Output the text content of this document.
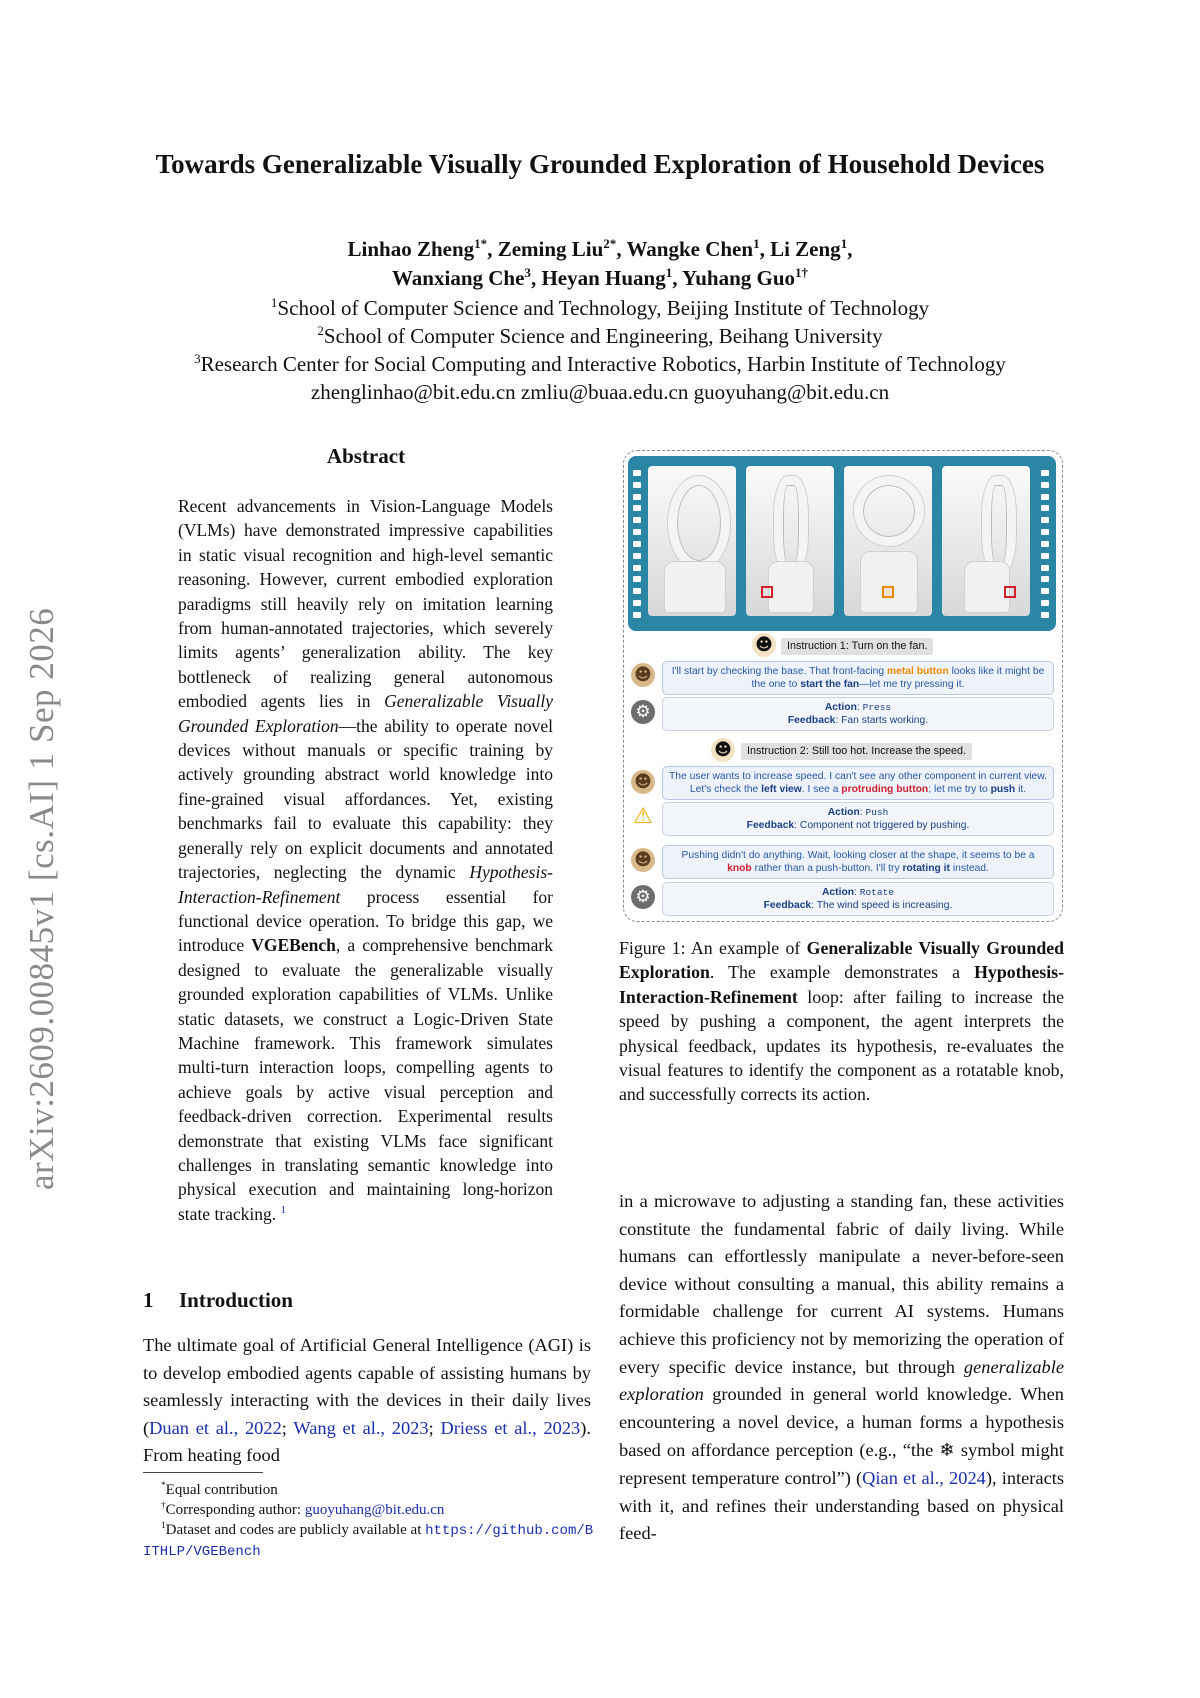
arXiv:2609.00845v1 [cs.AI] 1 Sep 2026
Towards Generalizable Visually Grounded Exploration of Household Devices
Linhao Zheng$^{1*}$, Zeming Liu$^{2*}$, Wangke Chen$^1$, Li Zeng$^1$,
Wanxiang Che$^3$, Heyan Huang$^1$, Yuhang Guo$^{1\dagger}$
$^1$School of Computer Science and Technology, Beijing Institute of Technology
$^2$School of Computer Science and Engineering, Beihang University
$^3$Research Center for Social Computing and Interactive Robotics, Harbin Institute of Technology
zhenglinhao@bit.edu.cn zmliu@buaa.edu.cn guoyuhang@bit.edu.cn
Abstract
Recent advancements in Vision-Language Models (VLMs) have demonstrated impressive capabilities in static visual recognition and high-level semantic reasoning. However, current embodied exploration paradigms still heavily rely on imitation learning from human-annotated trajectories, which severely limits agents’ generalization ability. The key bottleneck of realizing general autonomous embodied agents lies in Generalizable Visually Grounded Exploration—the ability to operate novel devices without manuals or specific training by actively grounding abstract world knowledge into fine-grained visual affordances. Yet, existing benchmarks fail to evaluate this capability: they generally rely on explicit documents and annotated trajectories, neglecting the dynamic Hypothesis-Interaction-Refinement process essential for functional device operation. To bridge this gap, we introduce VGEBench, a comprehensive benchmark designed to evaluate the generalizable visually grounded exploration capabilities of VLMs. Unlike static datasets, we construct a Logic-Driven State Machine framework. This framework simulates multi-turn interaction loops, compelling agents to achieve goals by active visual perception and feedback-driven correction. Experimental results demonstrate that existing VLMs face significant challenges in translating semantic knowledge into physical execution and maintaining long-horizon state tracking. $^1$
1 Introduction
The ultimate goal of Artificial General Intelligence (AGI) is to develop embodied agents capable of assisting humans by seamlessly interacting with the devices in their daily lives (Duan et al., 2022; Wang et al., 2023; Driess et al., 2023). From heating food
in a microwave to adjusting a standing fan, these activities constitute the fundamental fabric of daily living. While humans can effortlessly manipulate a never-before-seen device without consulting a manual, this ability remains a formidable challenge for current AI systems. Humans achieve this proficiency not by memorizing the operation of every specific device instance, but through generalizable exploration grounded in general world knowledge. When encountering a novel device, a human forms a hypothesis based on affordance perception (e.g., “the ❄ symbol might represent temperature control”) (Qian et al., 2024), interacts with it, and refines their understanding based on physical feed-
*Equal contribution
†Corresponding author: guoyuhang@bit.edu.cn
$^1$Dataset and codes are publicly available at https://github.com/BITHLP/VGEBench
☻	Instruction 1: Turn on the fan.
☻	I'll start by checking the base. That front-facing metal button looks like it might be the one to start the fan—let me try pressing it.
⚙	Action: Press
Feedback: Fan starts working.
☻	Instruction 2: Still too hot. Increase the speed.
☻	The user wants to increase speed. I can't see any other component in current view. Let's check the left view. I see a protruding button; let me try to push it.
⚠	Action: Push
Feedback: Component not triggered by pushing.
☻	Pushing didn't do anything. Wait, looking closer at the shape, it seems to be a knob rather than a push-button. I'll try rotating it instead.
⚙	Action: Rotate
Feedback: The wind speed is increasing.
Figure 1: An example of Generalizable Visually Grounded Exploration. The example demonstrates a Hypothesis-Interaction-Refinement loop: after failing to increase the speed by pushing a component, the agent interprets the physical feedback, updates its hypothesis, re-evaluates the visual features to identify the component as a rotatable knob, and successfully corrects its action.
